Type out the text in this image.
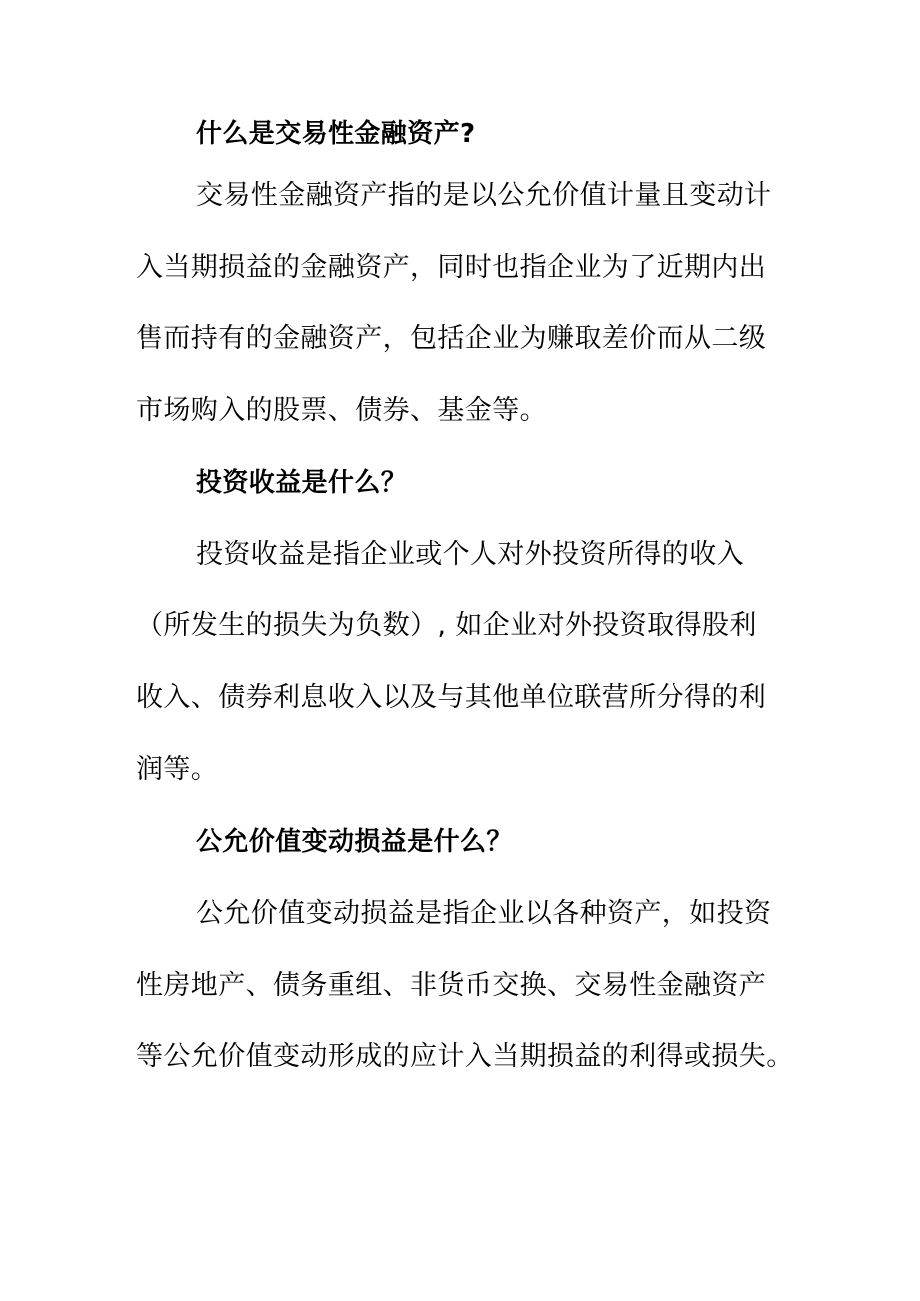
什么是交易性金融资产?
交易性金融资产指的是以公允价值计量且变动计
入当期损益的金融资产，同时也指企业为了近期内出
售而持有的金融资产，包括企业为赚取差价而从二级
市场购入的股票、债券、基金等。
投资收益是什么？
投资收益是指企业或个人对外投资所得的收入
（所发生的损失为负数）, 如企业对外投资取得股利
收入、债券利息收入以及与其他单位联营所分得的利
润等。
公允价值变动损益是什么？
公允价值变动损益是指企业以各种资产，如投资
性房地产、债务重组、非货币交换、交易性金融资产
等公允价值变动形成的应计入当期损益的利得或损失。
